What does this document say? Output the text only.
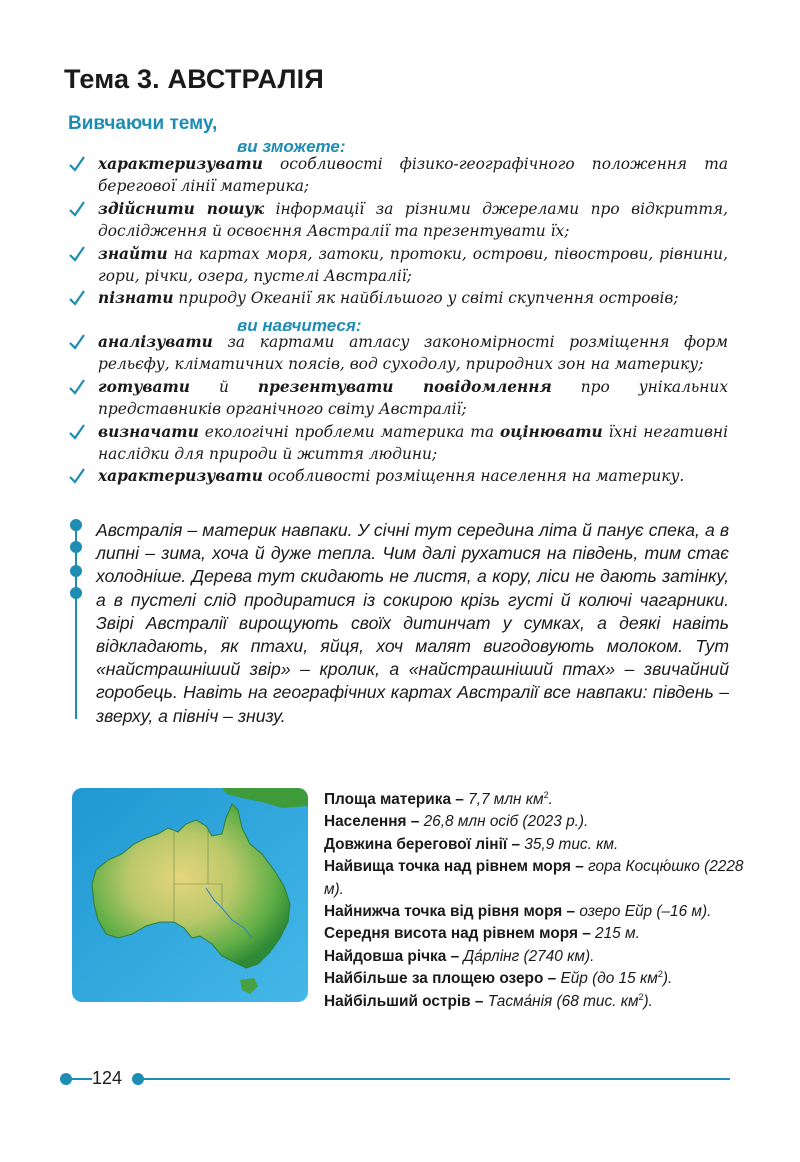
Тема 3. АВСТРАЛІЯ
Вивчаючи тему,
ви зможете:
характеризувати особливості фізико-географічного положення та берегової лінії материка;
здійснити пошук інформації за різними джерелами про відкриття, дослідження й освоєння Австралії та презентувати їх;
знайти на картах моря, затоки, протоки, острови, півострови, рівнини, гори, річки, озера, пустелі Австралії;
пізнати природу Океанії як найбільшого у світі скупчення островів;
ви навчитеся:
аналізувати за картами атласу закономірності розміщення форм рельєфу, кліматичних поясів, вод суходолу, природних зон на материку;
готувати й презентувати повідомлення про унікальних представників органічного світу Австралії;
визначати екологічні проблеми материка та оцінювати їхні негативні наслідки для природи й життя людини;
характеризувати особливості розміщення населення на материку.
Австралія – материк навпаки. У січні тут середина літа й панує спека, а в липні – зима, хоча й дуже тепла. Чим далі рухатися на південь, тим стає холодніше. Дерева тут скидають не листя, а кору, ліси не дають затінку, а в пустелі слід продиратися із сокирою крізь густі й колючі чагарники. Звірі Австралії вирощують своїх дитинчат у сумках, а деякі навіть відкладають, як птахи, яйця, хоч малят вигодовують молоком. Тут «найстрашніший звір» – кролик, а «найстрашніший птах» – звичайний горобець. Навіть на географічних картах Австралії все навпаки: південь – зверху, а північ – знизу.
Площа материка – 7,7 млн $км^2$.
Населення – 26,8 млн осіб (2023 р.).
Довжина берегової лінії – 35,9 тис. км.
Найвища точка над рівнем моря – гора Косцю́шко (2228 м).
Найнижча точка від рівня моря – озеро Ейр (–16 м).
Середня висота над рівнем моря – 215 м.
Найдовша річка – Да́рлінг (2740 км).
Найбільше за площею озеро – Ейр (до 15 $км^2$).
Найбільший острів – Тасма́нія (68 тис. $км^2$).
124
